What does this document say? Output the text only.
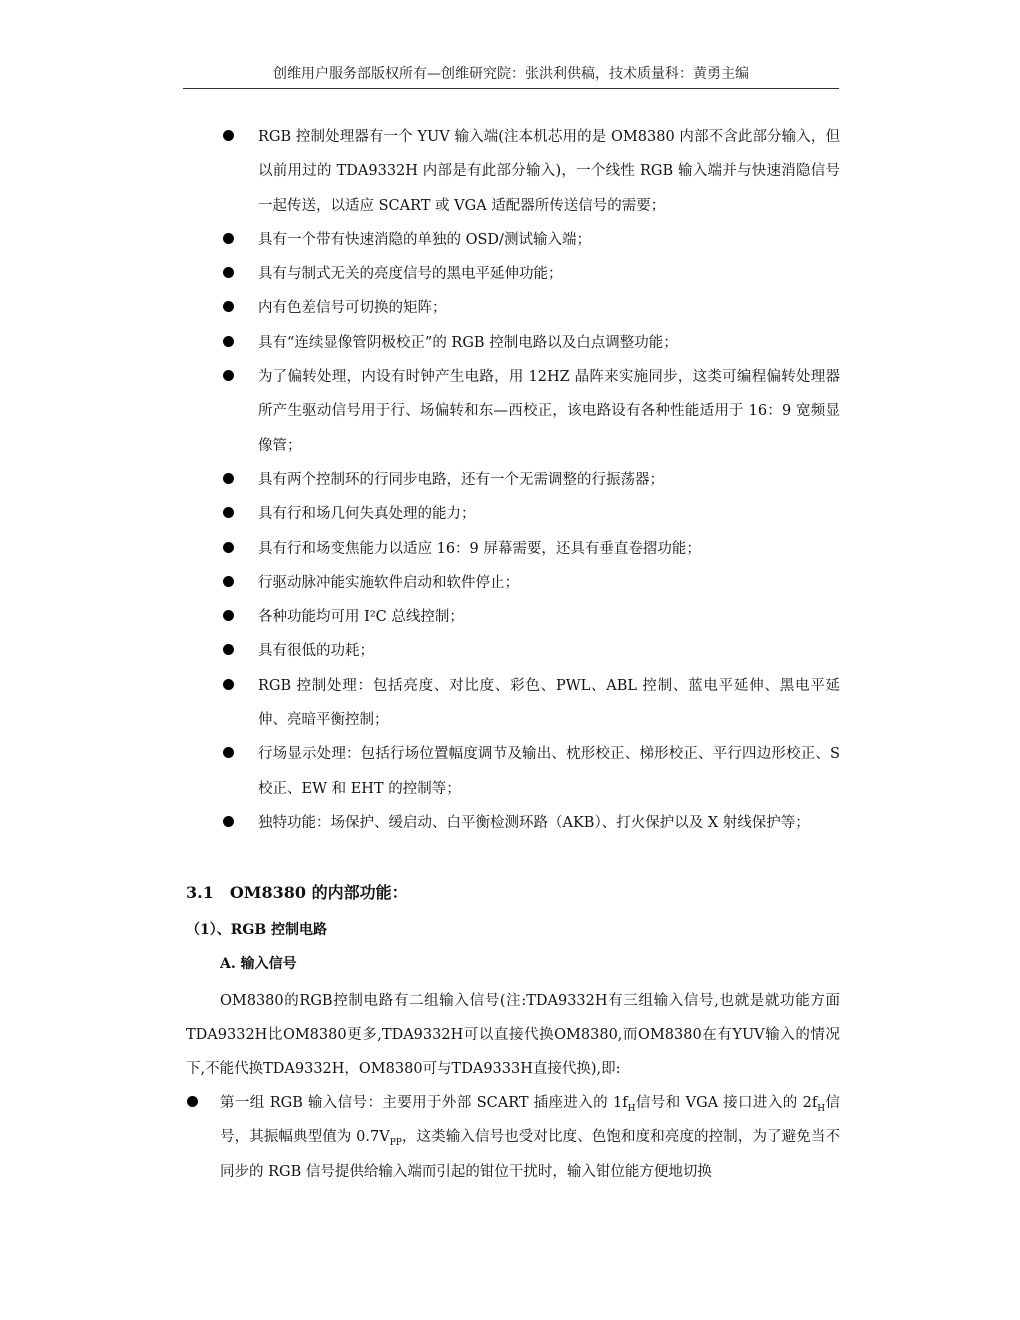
创维用户服务部版权所有—创维研究院：张洪利供稿，技术质量科：黄勇主编
RGB 控制处理器有一个 YUV 输入端(注本机芯用的是 OM8380 内部不含此部分输入，但以前用过的 TDA9332H 内部是有此部分输入)，一个线性 RGB 输入端并与快速消隐信号一起传送，以适应 SCART 或 VGA 适配器所传送信号的需要；
具有一个带有快速消隐的单独的 OSD/测试输入端；
具有与制式无关的亮度信号的黑电平延伸功能；
内有色差信号可切换的矩阵；
具有“连续显像管阴极校正”的 RGB 控制电路以及白点调整功能；
为了偏转处理，内设有时钟产生电路，用 12HZ 晶阵来实施同步，这类可编程偏转处理器所产生驱动信号用于行、场偏转和东—西校正，该电路设有各种性能适用于 16：9 宽频显像管；
具有两个控制环的行同步电路，还有一个无需调整的行振荡器；
具有行和场几何失真处理的能力；
具有行和场变焦能力以适应 16：9 屏幕需要，还具有垂直卷摺功能；
行驱动脉冲能实施软件启动和软件停止；
各种功能均可用 I²C 总线控制；
具有很低的功耗；
RGB 控制处理：包括亮度、对比度、彩色、PWL、ABL 控制、蓝电平延伸、黑电平延伸、亮暗平衡控制；
行场显示处理：包括行场位置幅度调节及输出、枕形校正、梯形校正、平行四边形校正、S 校正、EW 和 EHT 的控制等；
独特功能：场保护、缓启动、白平衡检测环路（AKB）、打火保护以及 X 射线保护等；
3.1　OM8380 的内部功能：
（1）、RGB 控制电路
A. 输入信号

OM8380的RGB控制电路有二组输入信号(注:TDA9332H有三组输入信号,也就是就功能方面TDA9332H比OM8380更多,TDA9332H可以直接代换OM8380,而OM8380在有YUV输入的情况下,不能代换TDA9332H，OM8380可与TDA9333H直接代换),即:

第一组 RGB 输入信号：主要用于外部 SCART 插座进入的 $1f_H$信号和 VGA 接口进入的 $2f_H$信号，其振幅典型值为 $0.7V_{PP}$，这类输入信号也受对比度、色饱和度和亮度的控制，为了避免当不同步的 RGB 信号提供给输入端而引起的钳位干扰时，输入钳位能方便地切换
